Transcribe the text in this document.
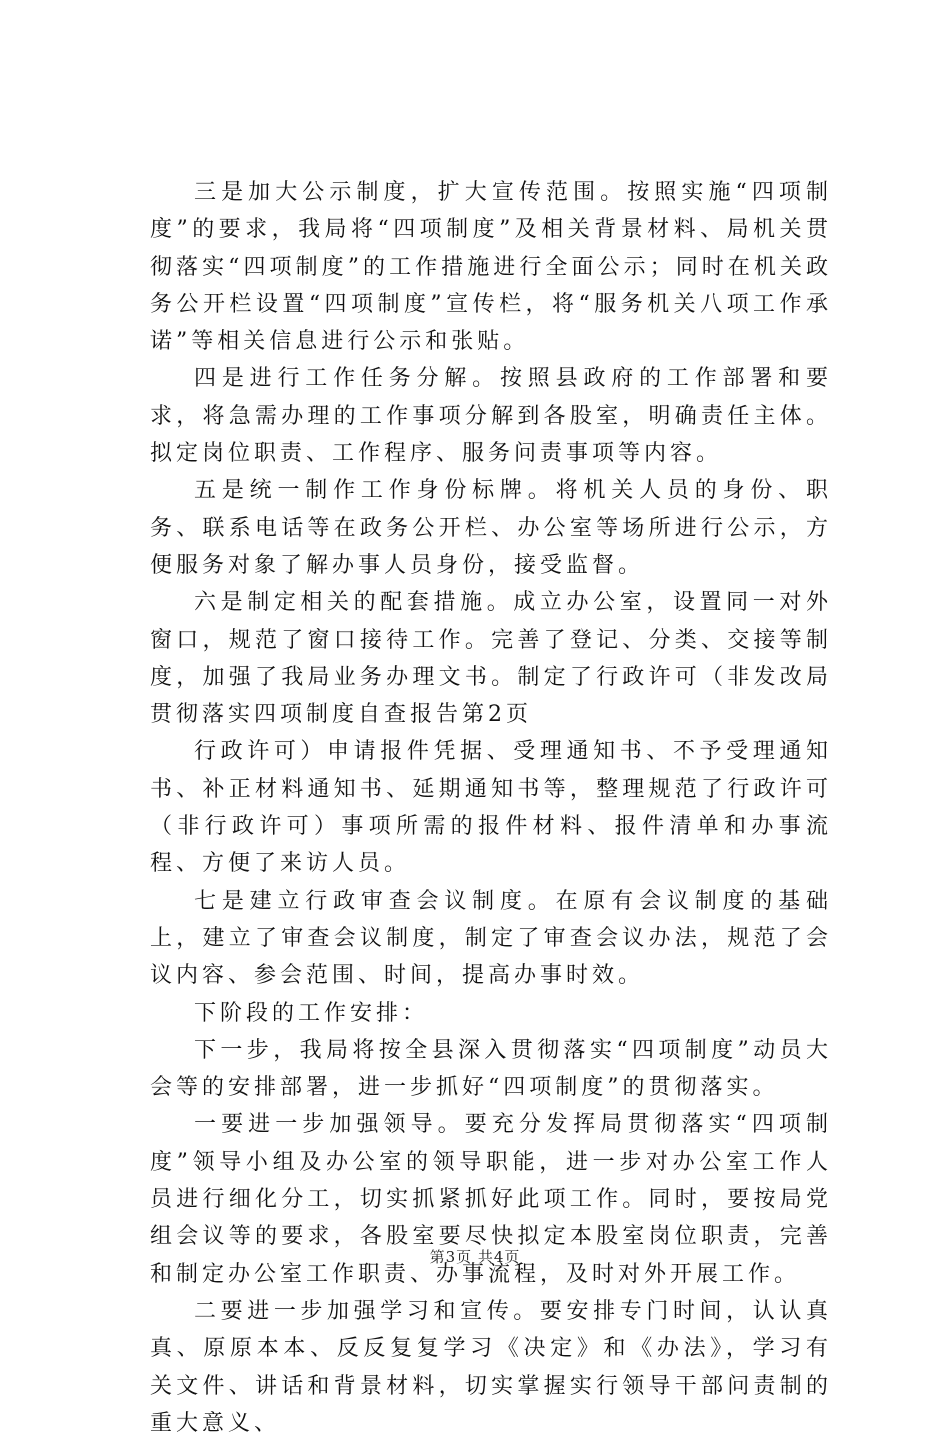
三是加大公示制度，扩大宣传范围。按照实施“四项制度”的要求，我局将“四项制度”及相关背景材料、局机关贯彻落实“四项制度”的工作措施进行全面公示；同时在机关政务公开栏设置“四项制度”宣传栏，将“服务机关八项工作承诺”等相关信息进行公示和张贴。

四是进行工作任务分解。按照县政府的工作部署和要求，将急需办理的工作事项分解到各股室，明确责任主体。拟定岗位职责、工作程序、服务问责事项等内容。

五是统一制作工作身份标牌。将机关人员的身份、职务、联系电话等在政务公开栏、办公室等场所进行公示，方便服务对象了解办事人员身份，接受监督。

六是制定相关的配套措施。成立办公室，设置同一对外窗口，规范了窗口接待工作。完善了登记、分类、交接等制度，加强了我局业务办理文书。制定了行政许可（非发改局贯彻落实四项制度自查报告第2页

行政许可）申请报件凭据、受理通知书、不予受理通知书、补正材料通知书、延期通知书等，整理规范了行政许可（非行政许可）事项所需的报件材料、报件清单和办事流程、方便了来访人员。

七是建立行政审查会议制度。在原有会议制度的基础上，建立了审查会议制度，制定了审查会议办法，规范了会议内容、参会范围、时间，提高办事时效。

下阶段的工作安排：

下一步，我局将按全县深入贯彻落实“四项制度”动员大会等的安排部署，进一步抓好“四项制度”的贯彻落实。

一要进一步加强领导。要充分发挥局贯彻落实“四项制度”领导小组及办公室的领导职能，进一步对办公室工作人员进行细化分工，切实抓紧抓好此项工作。同时，要按局党组会议等的要求，各股室要尽快拟定本股室岗位职责，完善和制定办公室工作职责、办事流程，及时对外开展工作。

二要进一步加强学习和宣传。要安排专门时间，认认真真、原原本本、反反复复学习《决定》和《办法》，学习有关文件、讲话和背景材料，切实掌握实行领导干部问责制的重大意义、

第3页 共4页
